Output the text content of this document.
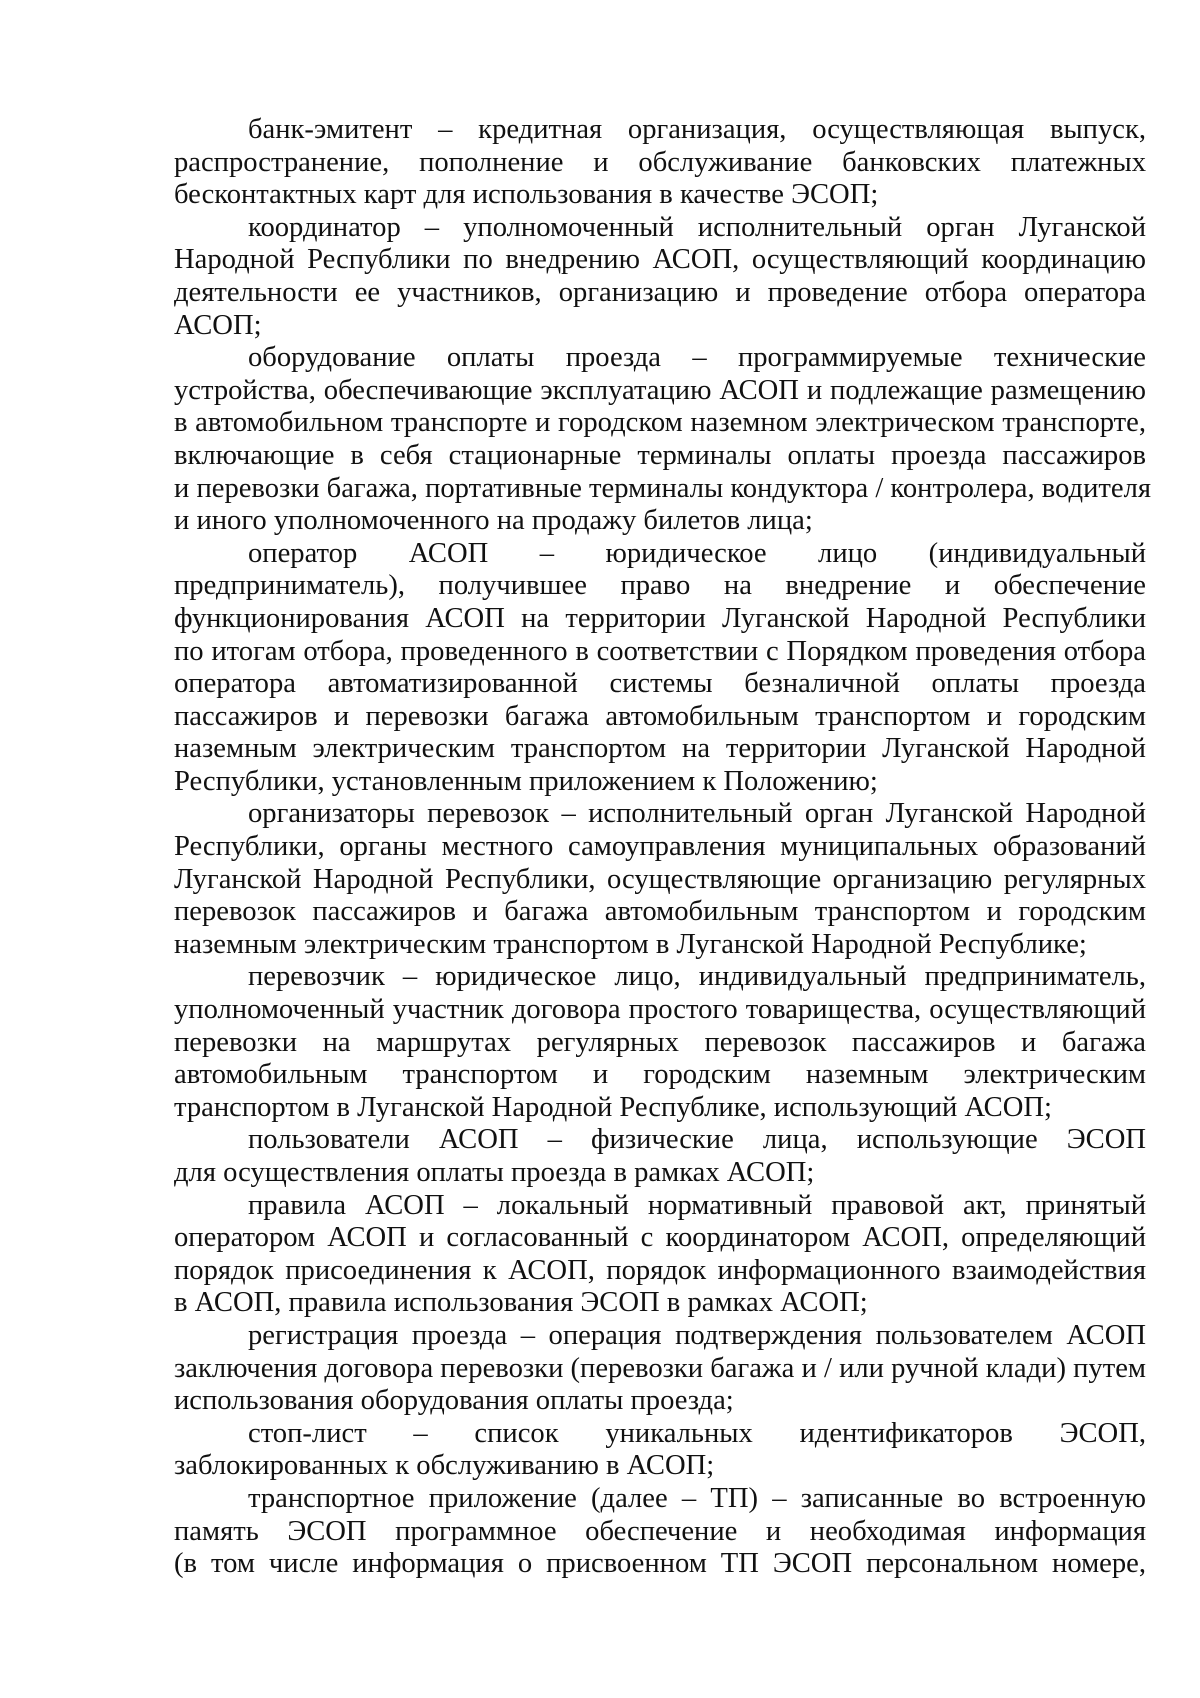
банк-эмитент – кредитная организация, осуществляющая выпуск,
распространение, пополнение и обслуживание банковских платежных
бесконтактных карт для использования в качестве ЭСОП;
координатор – уполномоченный исполнительный орган Луганской
Народной Республики по внедрению АСОП, осуществляющий координацию
деятельности ее участников, организацию и проведение отбора оператора
АСОП;
оборудование оплаты проезда – программируемые технические
устройства, обеспечивающие эксплуатацию АСОП и подлежащие размещению
в автомобильном транспорте и городском наземном электрическом транспорте,
включающие в себя стационарные терминалы оплаты проезда пассажиров
и перевозки багажа, портативные терминалы кондуктора / контролера, водителя
и иного уполномоченного на продажу билетов лица;
оператор АСОП – юридическое лицо (индивидуальный
предприниматель), получившее право на внедрение и обеспечение
функционирования АСОП на территории Луганской Народной Республики
по итогам отбора, проведенного в соответствии с Порядком проведения отбора
оператора автоматизированной системы безналичной оплаты проезда
пассажиров и перевозки багажа автомобильным транспортом и городским
наземным электрическим транспортом на территории Луганской Народной
Республики, установленным приложением к Положению;
организаторы перевозок – исполнительный орган Луганской Народной
Республики, органы местного самоуправления муниципальных образований
Луганской Народной Республики, осуществляющие организацию регулярных
перевозок пассажиров и багажа автомобильным транспортом и городским
наземным электрическим транспортом в Луганской Народной Республике;
перевозчик – юридическое лицо, индивидуальный предприниматель,
уполномоченный участник договора простого товарищества, осуществляющий
перевозки на маршрутах регулярных перевозок пассажиров и багажа
автомобильным транспортом и городским наземным электрическим
транспортом в Луганской Народной Республике, использующий АСОП;
пользователи АСОП – физические лица, использующие ЭСОП
для осуществления оплаты проезда в рамках АСОП;
правила АСОП – локальный нормативный правовой акт, принятый
оператором АСОП и согласованный с координатором АСОП, определяющий
порядок присоединения к АСОП, порядок информационного взаимодействия
в АСОП, правила использования ЭСОП в рамках АСОП;
регистрация проезда – операция подтверждения пользователем АСОП
заключения договора перевозки (перевозки багажа и / или ручной клади) путем
использования оборудования оплаты проезда;
стоп-лист – список уникальных идентификаторов ЭСОП,
заблокированных к обслуживанию в АСОП;
транспортное приложение (далее – ТП) – записанные во встроенную
память ЭСОП программное обеспечение и необходимая информация
(в том числе информация о присвоенном ТП ЭСОП персональном номере,
